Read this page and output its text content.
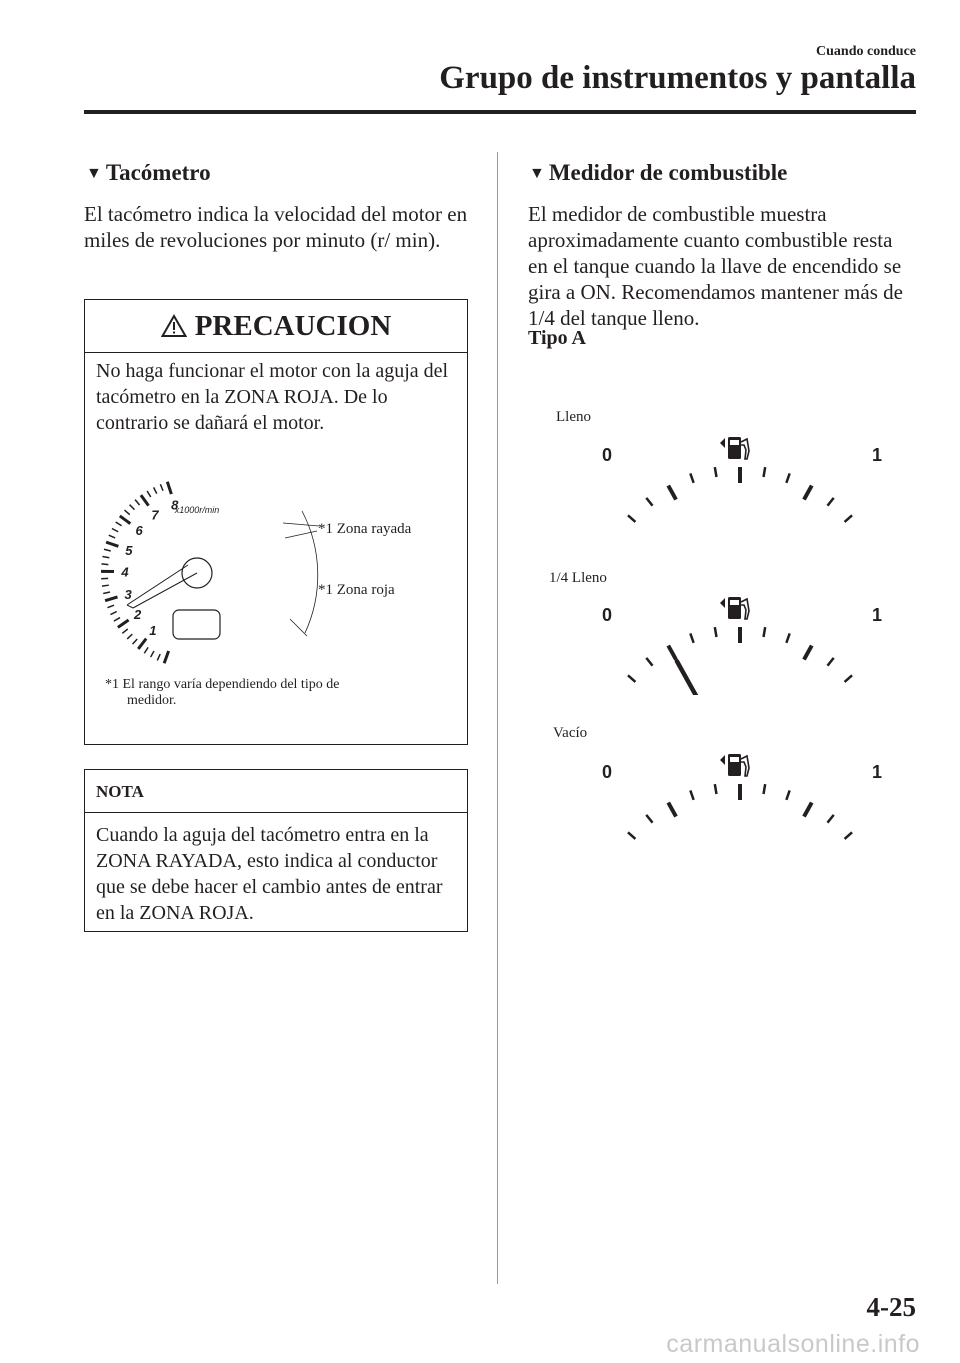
Cuando conduce
Grupo de instrumentos y pantalla
▼ Tacómetro
El tacómetro indica la velocidad del motor en miles de revoluciones por minuto (r/ min).
PRECAUCION
No haga funcionar el motor con la aguja del tacómetro en la ZONA ROJA. De lo contrario se dañará el motor.
x1000r/min
1
2
3
4
5
6
7
8
*1 Zona rayada
*1 Zona roja
*1 El rango varía dependiendo del tipo de
medidor.
NOTA
Cuando la aguja del tacómetro entra en la ZONA RAYADA, esto indica al conductor que se debe hacer el cambio antes de entrar en la ZONA ROJA.
▼ Medidor de combustible
El medidor de combustible muestra aproximadamente cuanto combustible resta en el tanque cuando la llave de encendido se gira a ON. Recomendamos mantener más de 1/4 del tanque lleno.
Tipo A
Lleno
1/4 Lleno
Vacío
0	1
0	1
0	1
4-25
carmanualsonline.info
